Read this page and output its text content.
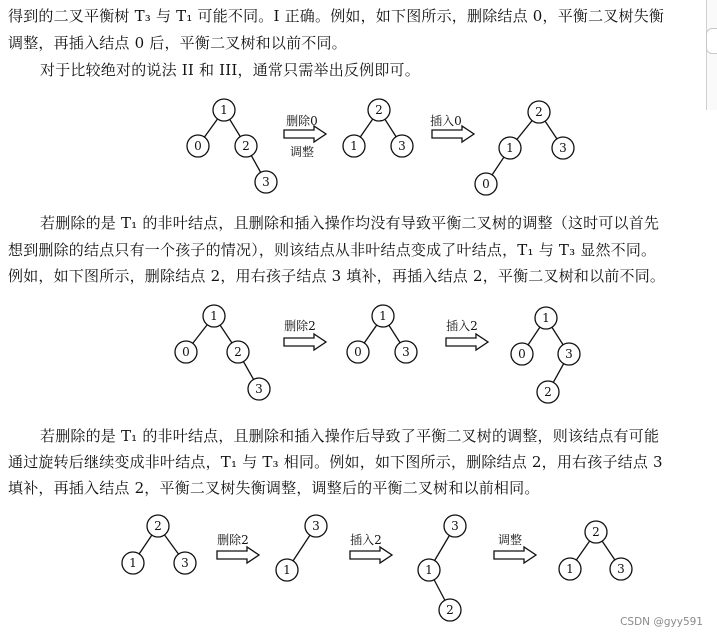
得到的二叉平衡树 T₃ 与 T₁ 可能不同。I 正确。例如，如下图所示，删除结点 0，平衡二叉树失衡
调整，再插入结点 0 后，平衡二叉树和以前不同。
对于比较绝对的说法 II 和 III，通常只需举出反例即可。
1
0	2
3
删除0
调整
2
1	3
插入0
2
1	3
0
若删除的是 T₁ 的非叶结点，且删除和插入操作均没有导致平衡二叉树的调整（这时可以首先
想到删除的结点只有一个孩子的情况），则该结点从非叶结点变成了叶结点，T₁ 与 T₃ 显然不同。
例如，如下图所示，删除结点 2，用右孩子结点 3 填补，再插入结点 2，平衡二叉树和以前不同。
1
0	2
3
删除2
1
0	3
插入2
1
0	3
2
若删除的是 T₁ 的非叶结点，且删除和插入操作后导致了平衡二叉树的调整，则该结点有可能
通过旋转后继续变成非叶结点，T₁ 与 T₃ 相同。例如，如下图所示，删除结点 2，用右孩子结点 3
填补，再插入结点 2，平衡二叉树失衡调整，调整后的平衡二叉树和以前相同。
2
1	3
删除2
3
1
插入2
3
1
2
调整
2
1	3
CSDN @gyy591
